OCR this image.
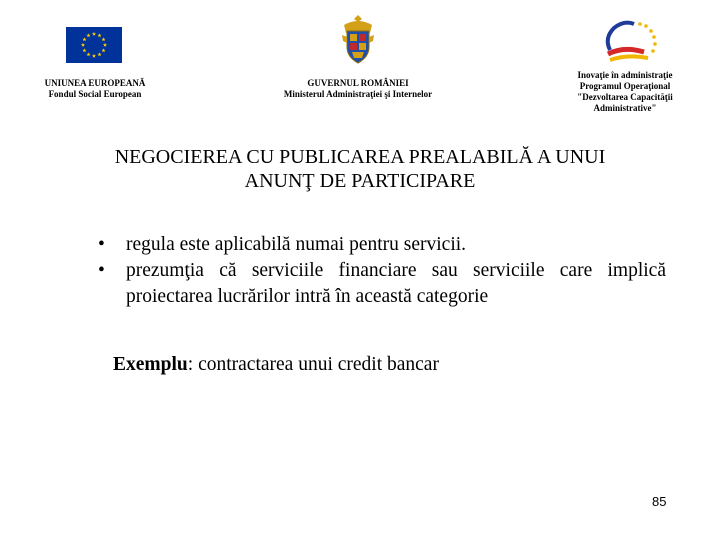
UNIUNEA EUROPEANĂ
Fondul Social European
GUVERNUL ROMÂNIEI
Ministerul Administraţiei şi Internelor
Inovaţie în administraţie
Programul Operaţional
"Dezvoltarea Capacităţii
Administrative"
NEGOCIEREA CU PUBLICAREA PREALABILĂ A UNUI
ANUNŢ DE PARTICIPARE
• regula este aplicabilă numai pentru servicii.
• prezumţia că serviciile financiare sau serviciile care implică proiectarea lucrărilor intră în această categorie
Exemplu: contractarea unui credit bancar
85
